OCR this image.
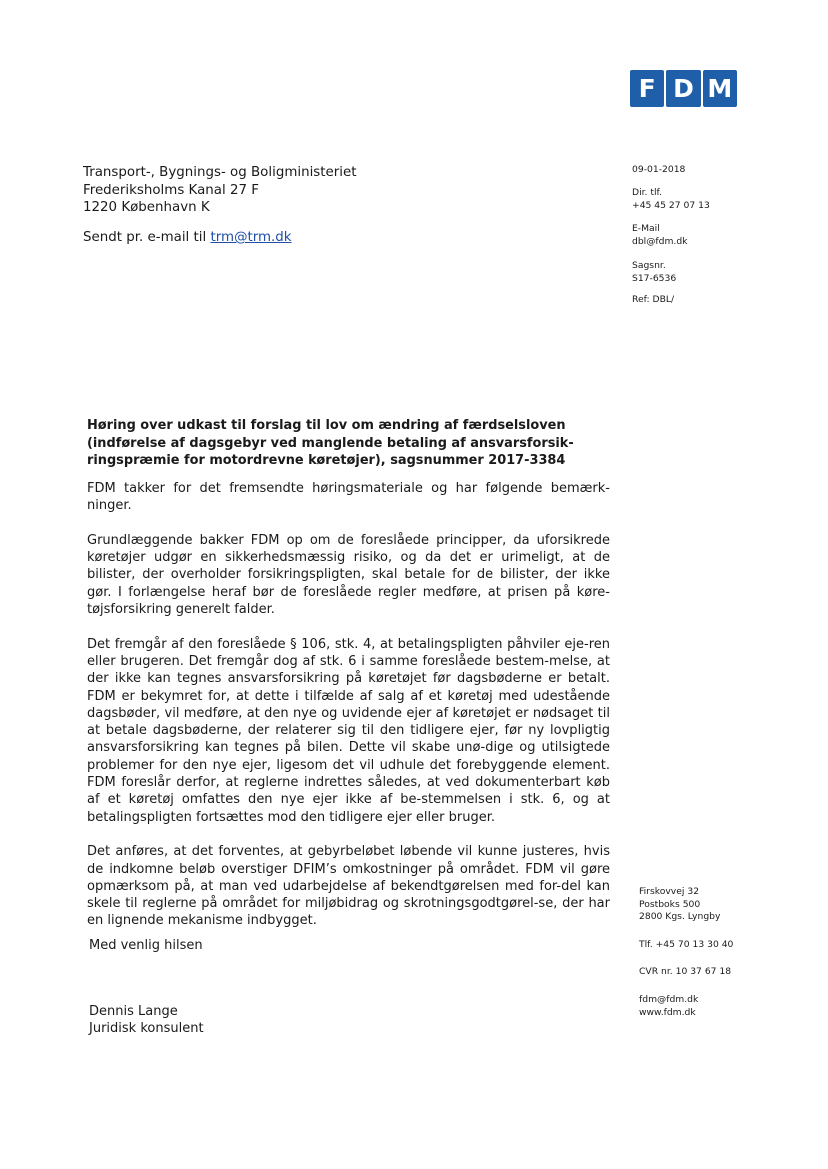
F D M
Transport-, Bygnings- og Boligministeriet
Frederiksholms Kanal 27 F
1220 København K
Sendt pr. e-mail til trm@trm.dk
09-01-2018
Dir. tlf.
+45 45 27 07 13
E-Mail
dbl@fdm.dk
Sagsnr.
S17-6536
Ref: DBL/
Høring over udkast til forslag til lov om ændring af færdselsloven (indførelse af dagsgebyr ved manglende betaling af ansvarsforsik-ringspræmie for motordrevne køretøjer), sagsnummer 2017-3384

FDM takker for det fremsendte høringsmateriale og har følgende bemærk-ninger.

Grundlæggende bakker FDM op om de foreslåede principper, da uforsikrede køretøjer udgør en sikkerhedsmæssig risiko, og da det er urimeligt, at de bilister, der overholder forsikringspligten, skal betale for de bilister, der ikke gør. I forlængelse heraf bør de foreslåede regler medføre, at prisen på køre-tøjsforsikring generelt falder.

Det fremgår af den foreslåede § 106, stk. 4, at betalingspligten påhviler eje-ren eller brugeren. Det fremgår dog af stk. 6 i samme foreslåede bestem-melse, at der ikke kan tegnes ansvarsforsikring på køretøjet før dagsbøderne er betalt. FDM er bekymret for, at dette i tilfælde af salg af et køretøj med udestående dagsbøder, vil medføre, at den nye og uvidende ejer af køretøjet er nødsaget til at betale dagsbøderne, der relaterer sig til den tidligere ejer, før ny lovpligtig ansvarsforsikring kan tegnes på bilen. Dette vil skabe unø-dige og utilsigtede problemer for den nye ejer, ligesom det vil udhule det forebyggende element. FDM foreslår derfor, at reglerne indrettes således, at ved dokumenterbart køb af et køretøj omfattes den nye ejer ikke af be-stemmelsen i stk. 6, og at betalingspligten fortsættes mod den tidligere ejer eller bruger.

Det anføres, at det forventes, at gebyrbeløbet løbende vil kunne justeres, hvis de indkomne beløb overstiger DFIM’s omkostninger på området. FDM vil gøre opmærksom på, at man ved udarbejdelse af bekendtgørelsen med for-del kan skele til reglerne på området for miljøbidrag og skrotningsgodtgørel-se, der har en lignende mekanisme indbygget.

Med venlig hilsen
Dennis Lange
Juridisk konsulent
Firskovvej 32
Postboks 500
2800 Kgs. Lyngby
Tlf. +45 70 13 30 40
CVR nr. 10 37 67 18
fdm@fdm.dk
www.fdm.dk
